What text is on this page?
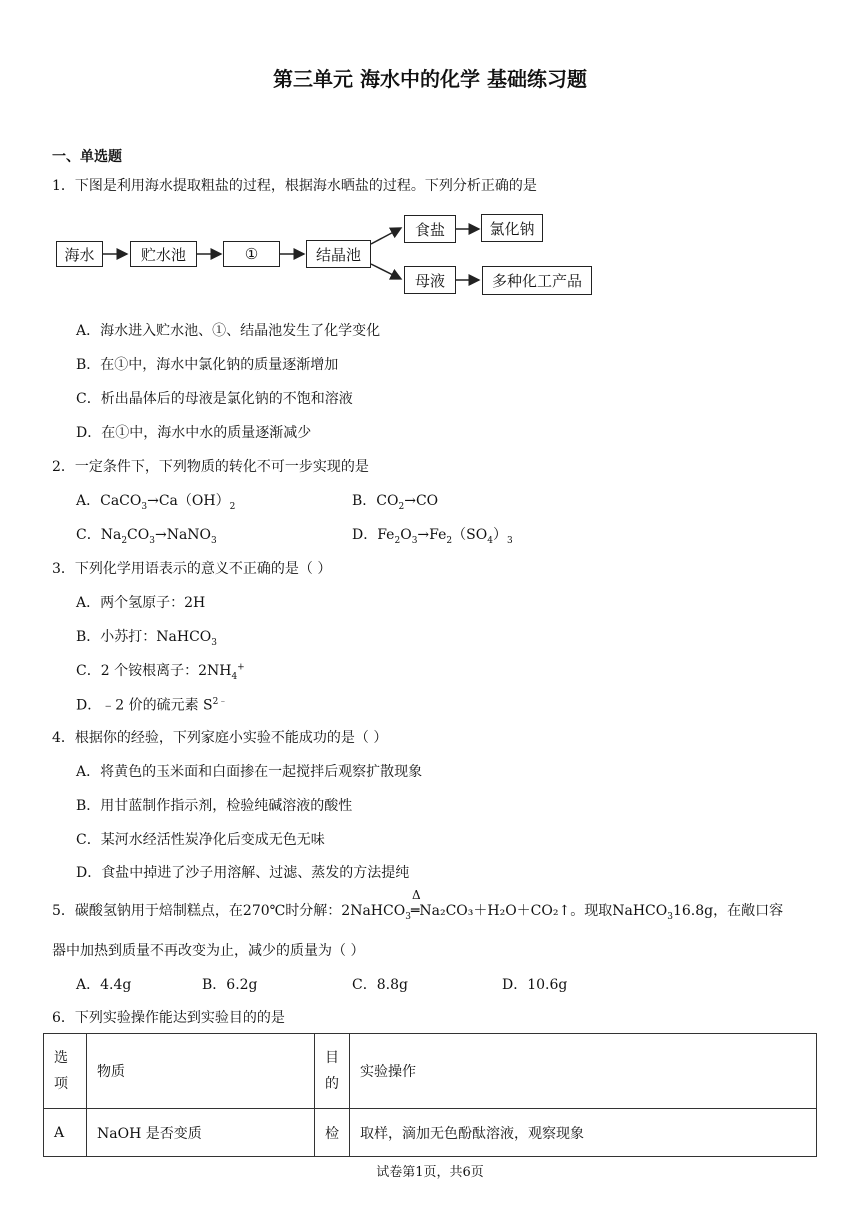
第三单元 海水中的化学 基础练习题
一、单选题
1．下图是利用海水提取粗盐的过程，根据海水晒盐的过程。下列分析正确的是
海水	贮水池	①	结晶池
食盐	氯化钠
母液	多种化工产品
A．海水进入贮水池、①、结晶池发生了化学变化
B．在①中，海水中氯化钠的质量逐渐增加
C．析出晶体后的母液是氯化钠的不饱和溶液
D．在①中，海水中水的质量逐渐减少
2．一定条件下，下列物质的转化不可一步实现的是
A．$CaCO_3\to Ca(OH)_2$	B．$CO_2\to CO$
C．$Na_2CO_3\to NaNO_3$	D．$Fe_2O_3\to Fe_2(SO_4)_3$
3．下列化学用语表示的意义不正确的是（ ）
A．两个氢原子：2H
B．小苏打：NaHCO$_3$
C．2 个铵根离子：$2NH_4^+$
D．﹣2 价的硫元素 $S^{2﹣}$
4．根据你的经验，下列家庭小实验不能成功的是（ ）
A．将黄色的玉米面和白面掺在一起搅拌后观察扩散现象
B．用甘蓝制作指示剂，检验纯碱溶液的酸性
C．某河水经活性炭净化后变成无色无味
D．食盐中掉进了沙子用溶解、过滤、蒸发的方法提纯
5．碳酸氢钠用于焙制糕点，在270℃时分解：2NaHCO$_3$
Δ
═Na₂CO₃＋H₂O＋CO₂↑。现取NaHCO$_3$16.8g，在敞口容
器中加热到质量不再改变为止，减少的质量为（ ）
A．4.4g	B．6.2g	C．8.8g	D．10.6g
6．下列实验操作能达到实验目的的是
选项	物质	目的	实验操作
A	NaOH 是否变质	检	取样，滴加无色酚酞溶液，观察现象
试卷第1页，共6页
